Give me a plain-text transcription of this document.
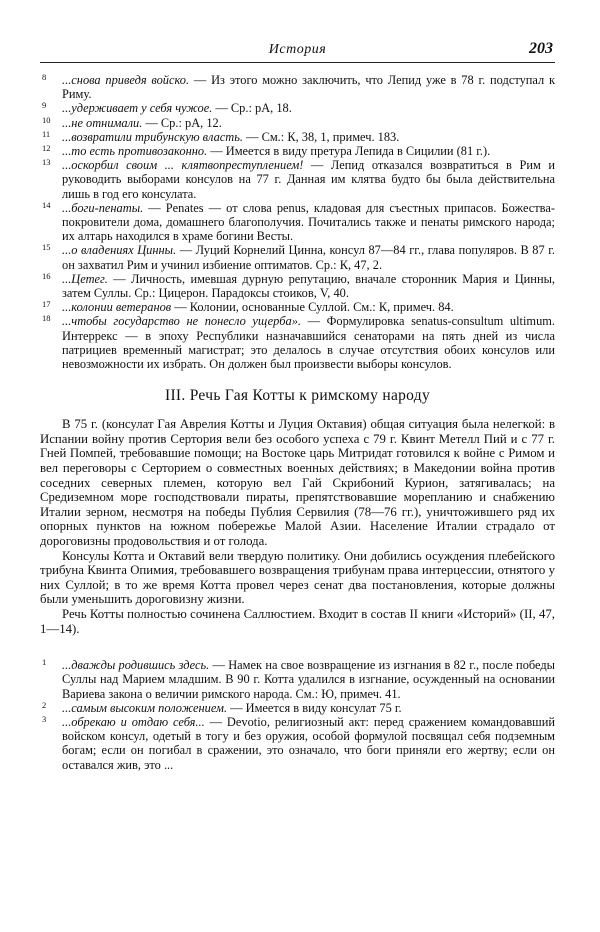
История	203

8 ...снова приведя войско. — Из этого можно заключить, что Лепид уже в 78 г. подступал к Риму.

9 ...удерживает у себя чужое. — Ср.: рА, 18.

10 ...не отнимали. — Ср.: рА, 12.

11 ...возвратили трибунскую власть. — См.: К, 38, 1, примеч. 183.

12 ...то есть противозаконно. — Имеется в виду претура Лепида в Сицилии (81 г.).

13 ...оскорбил своим ... клятвопреступлением! — Лепид отказался возвратиться в Рим и руководить выборами консулов на 77 г. Данная им клятва будто бы была действительна лишь в год его консулата.

14 ...боги-пенаты. — Penates — от слова penus, кладовая для съестных припасов. Божества-покровители дома, домашнего благополучия. Почитались также и пенаты римского народа; их алтарь находился в храме богини Весты.

15 ...о владениях Цинны. — Луций Корнелий Цинна, консул 87—84 гг., глава популяров. В 87 г. он захватил Рим и учинил избиение оптиматов. Ср.: К, 47, 2.

16 ...Цетег. — Личность, имевшая дурную репутацию, вначале сторонник Мария и Цинны, затем Суллы. Ср.: Цицерон. Парадоксы стоиков, V, 40.

17 ...колонии ветеранов — Колонии, основанные Суллой. См.: К, примеч. 84.

18 ...чтобы государство не понесло ущерба». — Формулировка senatus-consultum ultimum. Интеррекс — в эпоху Республики назначавшийся сенаторами на пять дней из числа патрициев временный магистрат; это делалось в случае отсутствия обоих консулов или невозможности их избрать. Он должен был произвести выборы консулов.

III. Речь Гая Котты к римскому народу

В 75 г. (консулат Гая Аврелия Котты и Луция Октавия) общая ситуация была нелегкой: в Испании войну против Сертория вели без особого успеха с 79 г. Квинт Метелл Пий и с 77 г. Гней Помпей, требовавшие помощи; на Востоке царь Митридат готовился к войне с Римом и вел переговоры с Серторием о совместных военных действиях; в Македонии война против соседних северных племен, которую вел Гай Скрибоний Курион, затягивалась; на Средиземном море господствовали пираты, препятствовавшие морепланию и снабжению Италии зерном, несмотря на победы Публия Сервилия (78—76 гг.), уничтожившего ряд их опорных пунктов на южном побережье Малой Азии. Население Италии страдало от дороговизны продовольствия и от голода.

Консулы Котта и Октавий вели твердую политику. Они добились осуждения плебейского трибуна Квинта Опимия, требовавшего возвращения трибунам права интерцессии, отнятого у них Суллой; в то же время Котта провел через сенат два постановления, которые должны были уменьшить дороговизну жизни.

Речь Котты полностью сочинена Саллюстием. Входит в состав II книги «Историй» (II, 47, 1—14).

1 ...дважды родившись здесь. — Намек на свое возвращение из изгнания в 82 г., после победы Суллы над Марием младшим. В 90 г. Котта удалился в изгнание, осужденный на основании Вариева закона о величии римского народа. См.: Ю, примеч. 41.

2 ...самым высоким положением. — Имеется в виду консулат 75 г.

3 ...обрекаю и отдаю себя... — Devotio, религиозный акт: перед сражением командовавший войском консул, одетый в тогу и без оружия, особой формулой посвящал себя подземным богам; если он погибал в сражении, это означало, что боги приняли его жертву; если он оставался жив, это ...
